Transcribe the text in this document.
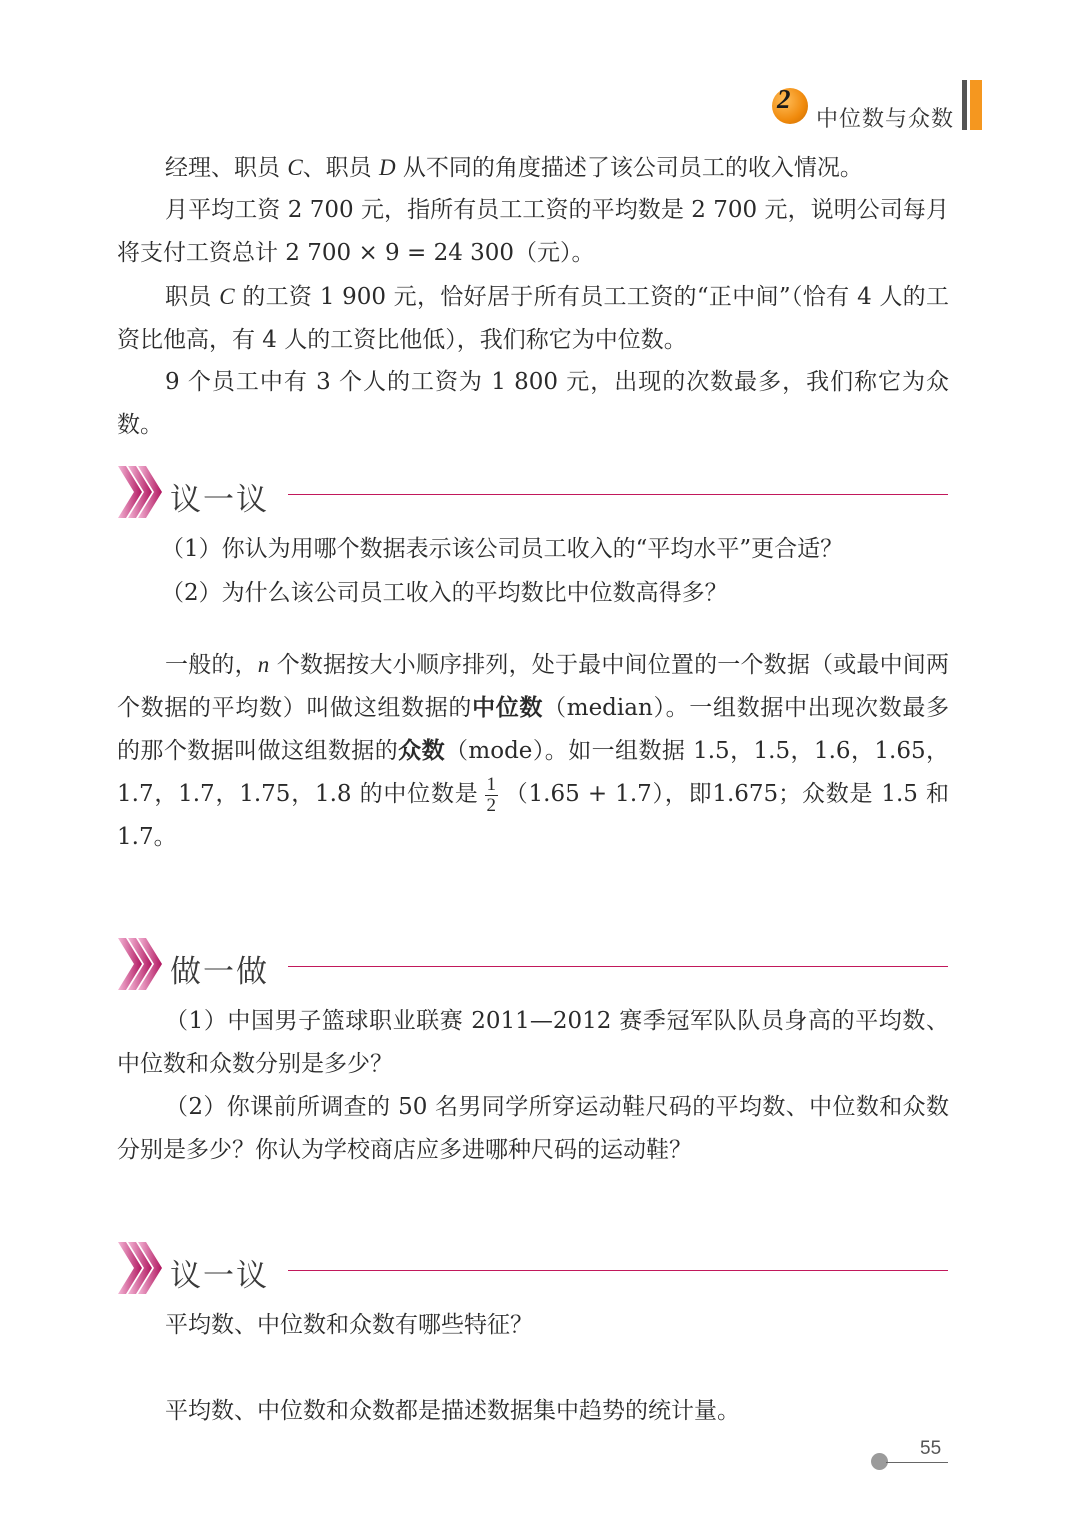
2
中位数与众数

经理、职员 C、职员 D 从不同的角度描述了该公司员工的收入情况。

月平均工资 2 700 元，指所有员工工资的平均数是 2 700 元，说明公司每月将支付工资总计 2 700 × 9 = 24 300（元）。

职员 C 的工资 1 900 元，恰好居于所有员工工资的“正中间”（恰有 4 人的工资比他高，有 4 人的工资比他低），我们称它为中位数。

9 个员工中有 3 个人的工资为 1 800 元，出现的次数最多，我们称它为众数。

议一议

（1）你认为用哪个数据表示该公司员工收入的“平均水平”更合适？

（2）为什么该公司员工收入的平均数比中位数高得多？

一般的，n 个数据按大小顺序排列，处于最中间位置的一个数据（或最中间两个数据的平均数）叫做这组数据的中位数（median）。一组数据中出现次数最多的那个数据叫做这组数据的众数（mode）。如一组数据 1.5，1.5，1.6，1.65，1.7，1.7，1.75，1.8 的中位数是 $\frac{1}{2} (1.65 + 1.7)$，即1.675；众数是 1.5 和 1.7。

做一做

（1）中国男子篮球职业联赛 2011—2012 赛季冠军队队员身高的平均数、中位数和众数分别是多少？

（2）你课前所调查的 50 名男同学所穿运动鞋尺码的平均数、中位数和众数分别是多少？你认为学校商店应多进哪种尺码的运动鞋？

议一议

平均数、中位数和众数有哪些特征？

平均数、中位数和众数都是描述数据集中趋势的统计量。

55
